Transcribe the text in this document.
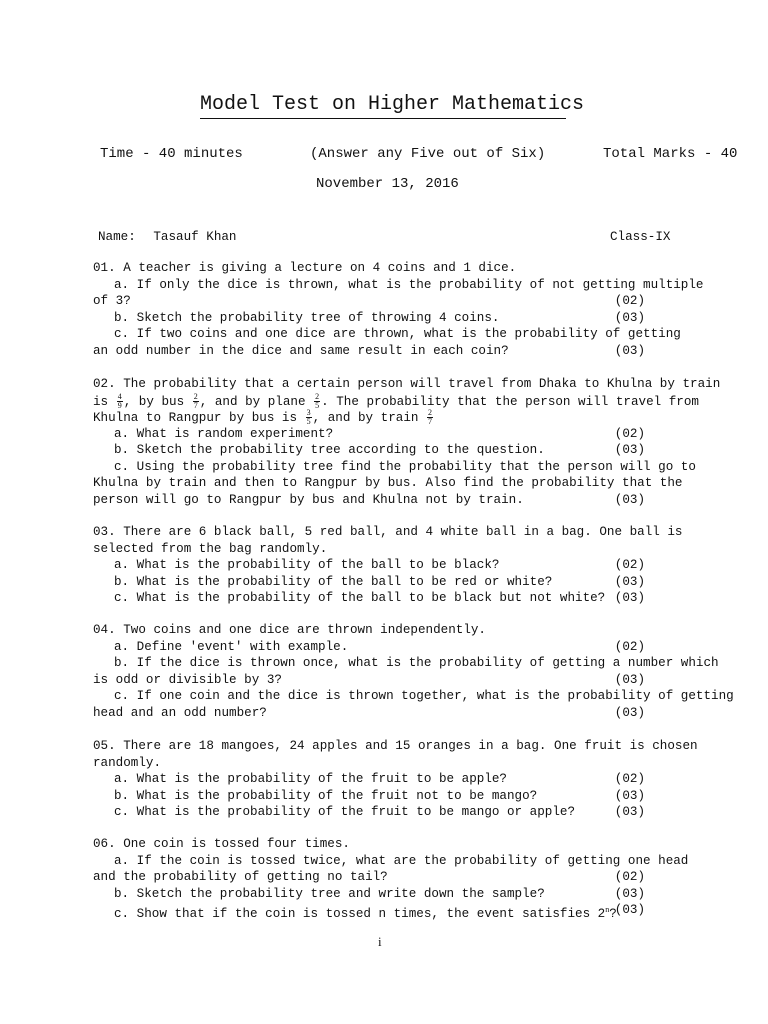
Model Test on Higher Mathematics
Time - 40 minutes	(Answer any Five out of Six)	Total Marks - 40
November 13, 2016
Name: Tasauf Khan	Class-IX
01. A teacher is giving a lecture on 4 coins and 1 dice.
a. If only the dice is thrown, what is the probability of not getting multiple
of 3?	(02)
b. Sketch the probability tree of throwing 4 coins.	(03)
c. If two coins and one dice are thrown, what is the probability of getting
an odd number in the dice and same result in each coin?	(03)
02. The probability that a certain person will travel from Dhaka to Khulna by train
is $\frac{4}{9}$ , by bus $\frac{2}{7}$ , and by plane $\frac{2}{5}$ . The probability that the person will travel from
Khulna to Rangpur by bus is $\frac{3}{5}$ , and by train $\frac{2}{7}$
a. What is random experiment?	(02)
b. Sketch the probability tree according to the question.	(03)
c. Using the probability tree find the probability that the person will go to
Khulna by train and then to Rangpur by bus. Also find the probability that the
person will go to Rangpur by bus and Khulna not by train.	(03)
03. There are 6 black ball, 5 red ball, and 4 white ball in a bag. One ball is
selected from the bag randomly.
a. What is the probability of the ball to be black?	(02)
b. What is the probability of the ball to be red or white?	(03)
c. What is the probability of the ball to be black but not white? (03)
04. Two coins and one dice are thrown independently.
a. Define 'event' with example.	(02)
b. If the dice is thrown once, what is the probability of getting a number which
is odd or divisible by 3?	(03)
c. If one coin and the dice is thrown together, what is the probability of getting
head and an odd number?	(03)
05. There are 18 mangoes, 24 apples and 15 oranges in a bag. One fruit is chosen
randomly.
a. What is the probability of the fruit to be apple?	(02)
b. What is the probability of the fruit not to be mango?	(03)
c. What is the probability of the fruit to be mango or apple?	(03)
06. One coin is tossed four times.
a. If the coin is tossed twice, what are the probability of getting one head
and the probability of getting no tail?	(02)
b. Sketch the probability tree and write down the sample?	(03)
c. Show that if the coin is tossed n times, the event satisfies 2$^n$?
(03)
i
